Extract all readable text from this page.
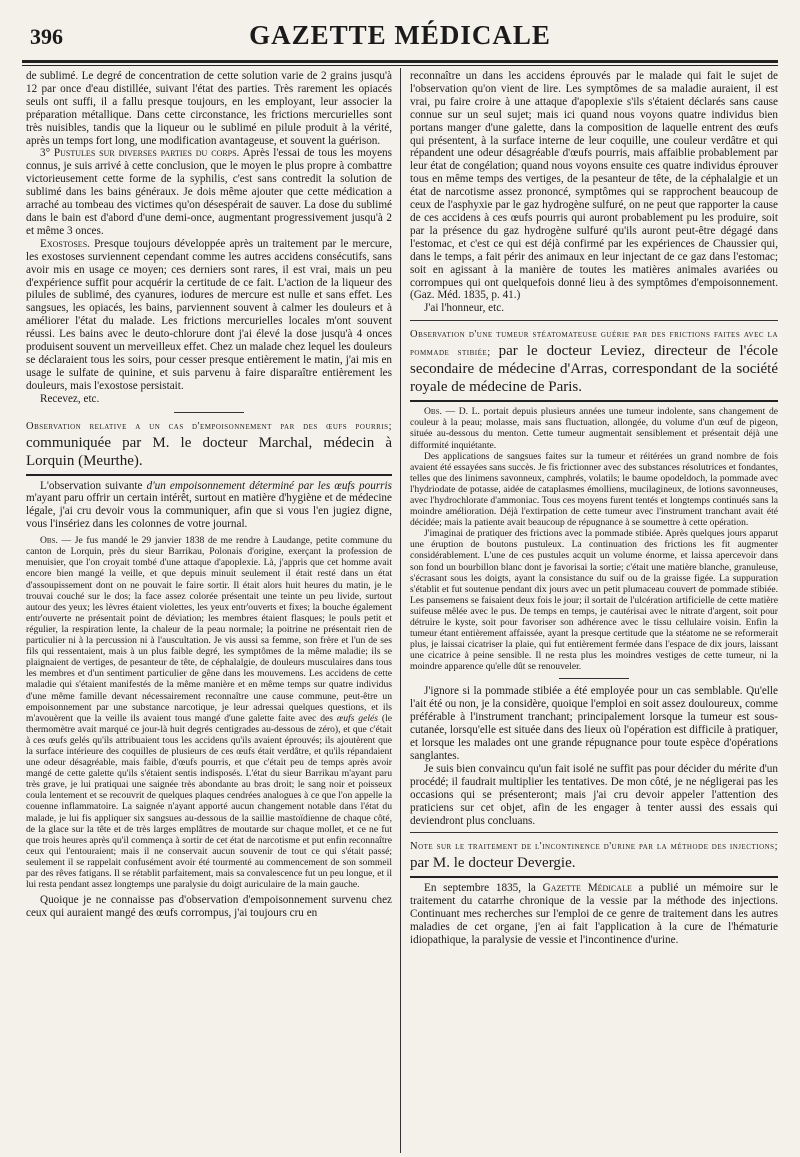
396	GAZETTE MÉDICALE

de sublimé. Le degré de concentration de cette solution varie de 2 grains jusqu'à 12 par once d'eau distillée, suivant l'état des parties. Très rarement les opiacés seuls ont suffi, il a fallu presque toujours, en les employant, leur associer la préparation métallique. Dans cette circonstance, les frictions mercurielles sont très nuisibles, tandis que la liqueur ou le sublimé en pilule produit à la vérité, après un temps fort long, une modification avantageuse, et souvent la guérison.

3° Pustules sur diverses parties du corps. Après l'essai de tous les moyens connus, je suis arrivé à cette conclusion, que le moyen le plus propre à combattre victorieusement cette forme de la syphilis, c'est sans contredit la solution de sublimé dans les bains généraux. Je dois même ajouter que cette médication a arraché au tombeau des victimes qu'on désespérait de sauver. La dose du sublimé dans le bain est d'abord d'une demi-once, augmentant progressivement jusqu'à 2 et même 3 onces.

Exostoses. Presque toujours développée après un traitement par le mercure, les exostoses surviennent cependant comme les autres accidens consécutifs, sans avoir mis en usage ce moyen; ces derniers sont rares, il est vrai, mais un peu d'expérience suffit pour acquérir la certitude de ce fait. L'action de la liqueur des pilules de sublimé, des cyanures, iodures de mercure est nulle et sans effet. Les sangsues, les opiacés, les bains, parviennent souvent à calmer les douleurs et à améliorer l'état du malade. Les frictions mercurielles locales m'ont souvent réussi. Les bains avec le deuto-chlorure dont j'ai élevé la dose jusqu'à 4 onces produisent souvent un merveilleux effet. Chez un malade chez lequel les douleurs se déclaraient tous les soirs, pour cesser presque entièrement le matin, j'ai mis en usage le sulfate de quinine, et suis parvenu à faire disparaître entièrement les douleurs, mais l'exostose persistait.

Recevez, etc.

Observation relative a un cas d'empoisonnement par des œufs pourris; communiquée par M. le docteur Marchal, médecin à Lorquin (Meurthe).

L'observation suivante d'un empoisonnement déterminé par les œufs pourris m'ayant paru offrir un certain intérêt, surtout en matière d'hygiène et de médecine légale, j'ai cru devoir vous la communiquer, afin que si vous l'en jugiez digne, vous l'insériez dans les colonnes de votre journal.

Obs. — Je fus mandé le 29 janvier 1838 de me rendre à Laudange, petite commune du canton de Lorquin, près du sieur Barrikau, Polonais d'origine, exerçant la profession de menuisier, que l'on croyait tombé d'une attaque d'apoplexie. Là, j'appris que cet homme avait encore bien mangé la veille, et que depuis minuit seulement il était resté dans un état d'assoupissement dont on ne pouvait le faire sortir. Il était alors huit heures du matin, je le trouvai couché sur le dos; la face assez colorée présentait une teinte un peu livide, surtout autour des yeux; les lèvres étaient violettes, les yeux entr'ouverts et fixes; la bouche également entr'ouverte ne présentait point de déviation; les membres étaient flasques; le pouls petit et régulier, la respiration lente, la chaleur de la peau normale; la poitrine ne présentait rien de particulier ni à la percussion ni à l'auscultation. Je vis aussi sa femme, son frère et l'un de ses fils qui ressentaient, mais à un plus faible degré, les symptômes de la même maladie; ils se plaignaient de vertiges, de pesanteur de tête, de céphalalgie, de douleurs musculaires dans tous les membres et d'un sentiment particulier de gêne dans les mouvemens. Les accidens de cette maladie qui s'étaient manifestés de la même manière et en même temps sur quatre individus d'une même famille devant nécessairement reconnaître une cause commune, peut-être un empoisonnement par une substance narcotique, je leur adressai quelques questions, et ils m'avouèrent que la veille ils avaient tous mangé d'une galette faite avec des œufs gelés (le thermomètre avait marqué ce jour-là huit degrés centigrades au-dessous de zéro), et que c'était à ces œufs gelés qu'ils attribuaient tous les accidens qu'ils avaient éprouvés; ils ajoutèrent que la surface intérieure des coquilles de plusieurs de ces œufs était verdâtre, et qu'ils répandaient une odeur désagréable, mais faible, d'œufs pourris, et que c'était peu de temps après avoir mangé de cette galette qu'ils s'étaient sentis indisposés. L'état du sieur Barrikau m'ayant paru très grave, je lui pratiquai une saignée très abondante au bras droit; le sang noir et poisseux coula lentement et se recouvrit de quelques plaques cendrées analogues à ce que l'on appelle la couenne inflammatoire. La saignée n'ayant apporté aucun changement notable dans l'état du malade, je lui fis appliquer six sangsues au-dessous de la saillie mastoïdienne de chaque côté, de la glace sur la tête et de très larges emplâtres de moutarde sur chaque mollet, et ce ne fut que trois heures après qu'il commença à sortir de cet état de narcotisme et put enfin reconnaître ceux qui l'entouraient; mais il ne conservait aucun souvenir de tout ce qui s'était passé; seulement il se rappelait confusément avoir été tourmenté au commencement de son sommeil par des rêves fatigans. Il se rétablit parfaitement, mais sa convalescence fut un peu longue, et il lui resta pendant assez longtemps une paralysie du doigt auriculaire de la main gauche.

Quoique je ne connaisse pas d'observation d'empoisonnement survenu chez ceux qui auraient mangé des œufs corrompus, j'ai toujours cru en

reconnaître un dans les accidens éprouvés par le malade qui fait le sujet de l'observation qu'on vient de lire. Les symptômes de sa maladie auraient, il est vrai, pu faire croire à une attaque d'apoplexie s'ils s'étaient déclarés sans cause connue sur un seul sujet; mais ici quand nous voyons quatre individus bien portans manger d'une galette, dans la composition de laquelle entrent des œufs qui présentent, à la surface interne de leur coquille, une couleur verdâtre et qui répandent une odeur désagréable d'œufs pourris, mais affaiblie probablement par leur état de congélation; quand nous voyons ensuite ces quatre individus éprouver tous en même temps des vertiges, de la pesanteur de tête, de la céphalalgie et un état de narcotisme assez prononcé, symptômes qui se rapprochent beaucoup de ceux de l'asphyxie par le gaz hydrogène sulfuré, on ne peut que rapporter la cause de ces accidens à ces œufs pourris qui auront probablement pu les produire, soit par la présence du gaz hydrogène sulfuré qu'ils auront peut-être dégagé dans l'estomac, et c'est ce qui est déjà confirmé par les expériences de Chaussier qui, dans le temps, a fait périr des animaux en leur injectant de ce gaz dans l'estomac; soit en agissant à la manière de toutes les matières animales avariées ou corrompues qui ont quelquefois donné lieu à des symptômes d'empoisonnement. (Gaz. Méd. 1835, p. 41.)

J'ai l'honneur, etc.

Observation d'une tumeur stéatomateuse guérie par des frictions faites avec la pommade stibiée; par le docteur Leviez, directeur de l'école secondaire de médecine d'Arras, correspondant de la société royale de médecine de Paris.

Obs. — D. L. portait depuis plusieurs années une tumeur indolente, sans changement de couleur à la peau; molasse, mais sans fluctuation, allongée, du volume d'un œuf de pigeon, située au-dessous du menton. Cette tumeur augmentait sensiblement et présentait déjà une difformité inquiétante.

Des applications de sangsues faites sur la tumeur et réitérées un grand nombre de fois avaient été essayées sans succès. Je fis frictionner avec des substances résolutrices et fondantes, telles que des linimens savonneux, camphrés, volatils; le baume opodeldoch, la pommade avec l'hydriodate de potasse, aidée de cataplasmes émolliens, mucilagineux, de lotions savonneuses, avec l'hydrochlorate d'ammoniac. Tous ces moyens furent tentés et longtemps continués sans la moindre amélioration. Déjà l'extirpation de cette tumeur avec l'instrument tranchant avait été décidée; mais la patiente avait beaucoup de répugnance à se soumettre à cette opération.

J'imaginai de pratiquer des frictions avec la pommade stibiée. Après quelques jours apparut une éruption de boutons pustuleux. La continuation des frictions les fit augmenter considérablement. L'une de ces pustules acquit un volume énorme, et laissa apercevoir dans son fond un bourbillon blanc dont je favorisai la sortie; c'était une matière blanche, granuleuse, s'écrasant sous les doigts, ayant la consistance du suif ou de la graisse figée. La suppuration s'établit et fut soutenue pendant dix jours avec un petit plumaceau couvert de pommade stibiée. Les pansemens se faisaient deux fois le jour; il sortait de l'ulcération artificielle de cette matière suifeuse mêlée avec le pus. De temps en temps, je cautérisai avec le nitrate d'argent, soit pour détruire le kyste, soit pour favoriser son adhérence avec le tissu cellulaire voisin. Enfin la tumeur étant entièrement affaissée, ayant la presque certitude que la stéatome ne se reformerait plus, je laissai cicatriser la plaie, qui fut entièrement fermée dans l'espace de dix jours, laissant une cicatrice à peine sensible. Il ne resta plus les moindres vestiges de cette tumeur, ni la moindre apparence qu'elle dût se renouveler.

J'ignore si la pommade stibiée a été employée pour un cas semblable. Qu'elle l'ait été ou non, je la considère, quoique l'emploi en soit assez douloureux, comme préférable à l'instrument tranchant; principalement lorsque la tumeur est sous-cutanée, lorsqu'elle est située dans des lieux où l'opération est difficile à pratiquer, et lorsque les malades ont une grande répugnance pour toute espèce d'opérations sanglantes.

Je suis bien convaincu qu'un fait isolé ne suffit pas pour décider du mérite d'un procédé; il faudrait multiplier les tentatives. De mon côté, je ne négligerai pas les occasions qui se présenteront; mais j'ai cru devoir appeler l'attention des praticiens sur cet objet, afin de les engager à tenter aussi des essais qui deviendront plus concluans.

Note sur le traitement de l'incontinence d'urine par la méthode des injections; par M. le docteur Devergie.

En septembre 1835, la Gazette Médicale a publié un mémoire sur le traitement du catarrhe chronique de la vessie par la méthode des injections. Continuant mes recherches sur l'emploi de ce genre de traitement dans les autres maladies de cet organe, j'en ai fait l'application à la cure de l'hématurie idiopathique, la paralysie de vessie et l'incontinence d'urine.
